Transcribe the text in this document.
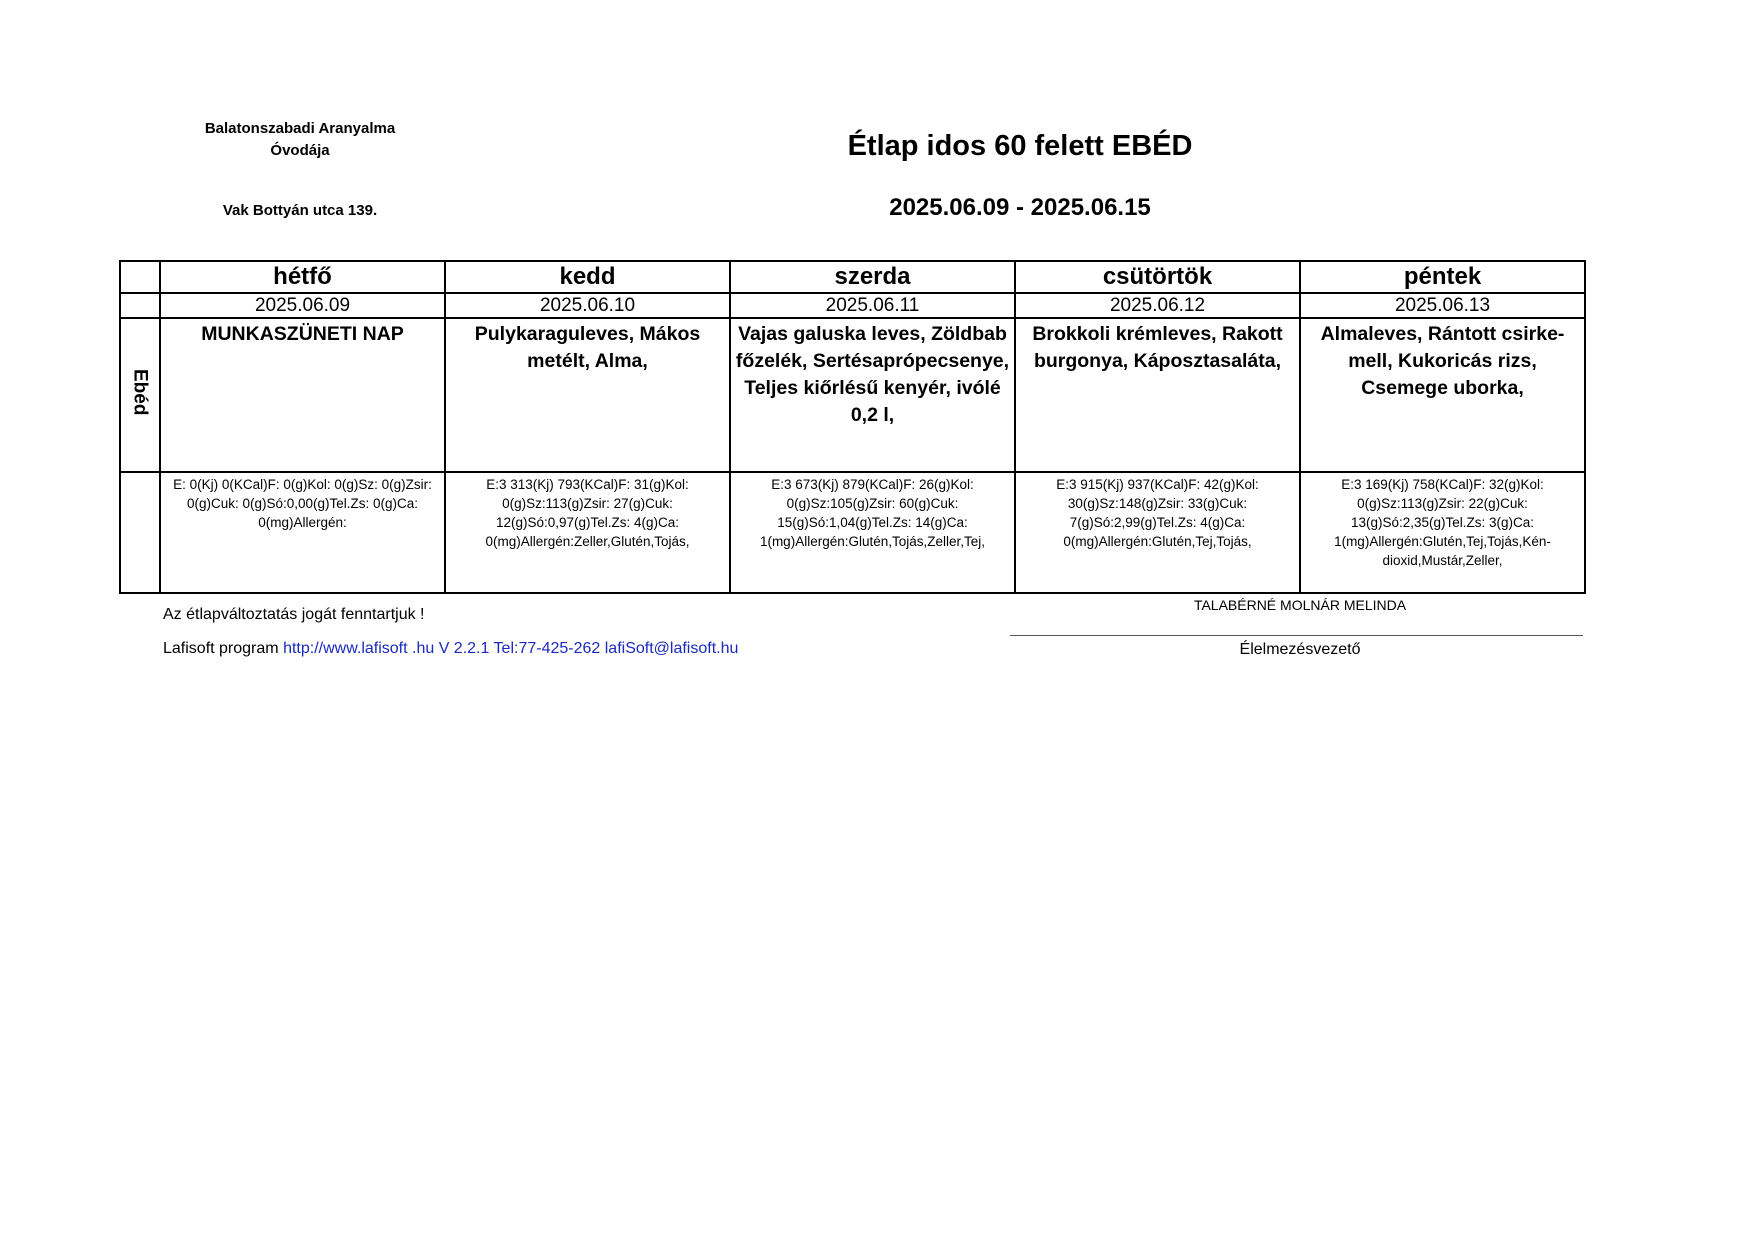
Balatonszabadi Aranyalma Óvodája
Vak Bottyán utca 139.
Étlap idos 60 felett EBÉD
2025.06.09 - 2025.06.15
	hétfő	kedd	szerda	csütörtök	péntek
	2025.06.09	2025.06.10	2025.06.11	2025.06.12	2025.06.13
Ebéd	MUNKASZÜNETI NAP	Pulykaraguleves, Mákos metélt, Alma,	Vajas galuska leves, Zöldbab főzelék, Sertésaprópecsenye, Teljes kiőrlésű kenyér, ivólé 0,2 l,	Brokkoli krémleves, Rakott burgonya, Káposztasaláta,	Almaleves, Rántott csirke-mell, Kukoricás rizs, Csemege uborka,

	E: 0(Kj) 0(KCal)F: 0(g)Kol: 0(g)Sz: 0(g)Zsir: 0(g)Cuk: 0(g)Só:0,00(g)Tel.Zs: 0(g)Ca: 0(mg)Allergén:	E:3 313(Kj) 793(KCal)F: 31(g)Kol: 0(g)Sz:113(g)Zsir: 27(g)Cuk: 12(g)Só:0,97(g)Tel.Zs: 4(g)Ca: 0(mg)Allergén:Zeller,Glutén,Tojás,	E:3 673(Kj) 879(KCal)F: 26(g)Kol: 0(g)Sz:105(g)Zsir: 60(g)Cuk: 15(g)Só:1,04(g)Tel.Zs: 14(g)Ca: 1(mg)Allergén:Glutén,Tojás,Zeller,Tej,	E:3 915(Kj) 937(KCal)F: 42(g)Kol: 30(g)Sz:148(g)Zsir: 33(g)Cuk: 7(g)Só:2,99(g)Tel.Zs: 4(g)Ca: 0(mg)Allergén:Glutén,Tej,Tojás,	E:3 169(Kj) 758(KCal)F: 32(g)Kol: 0(g)Sz:113(g)Zsir: 22(g)Cuk: 13(g)Só:2,35(g)Tel.Zs: 3(g)Ca: 1(mg)Allergén:Glutén,Tej,Tojás,Kén-dioxid,Mustár,Zeller,
Az étlapváltoztatás jogát fenntartjuk !
Lafisoft program http://www.lafisoft .hu V 2.2.1 Tel:77-425-262 lafiSoft@lafisoft.hu
TALABÉRNÉ MOLNÁR MELINDA
Élelmezésvezető
